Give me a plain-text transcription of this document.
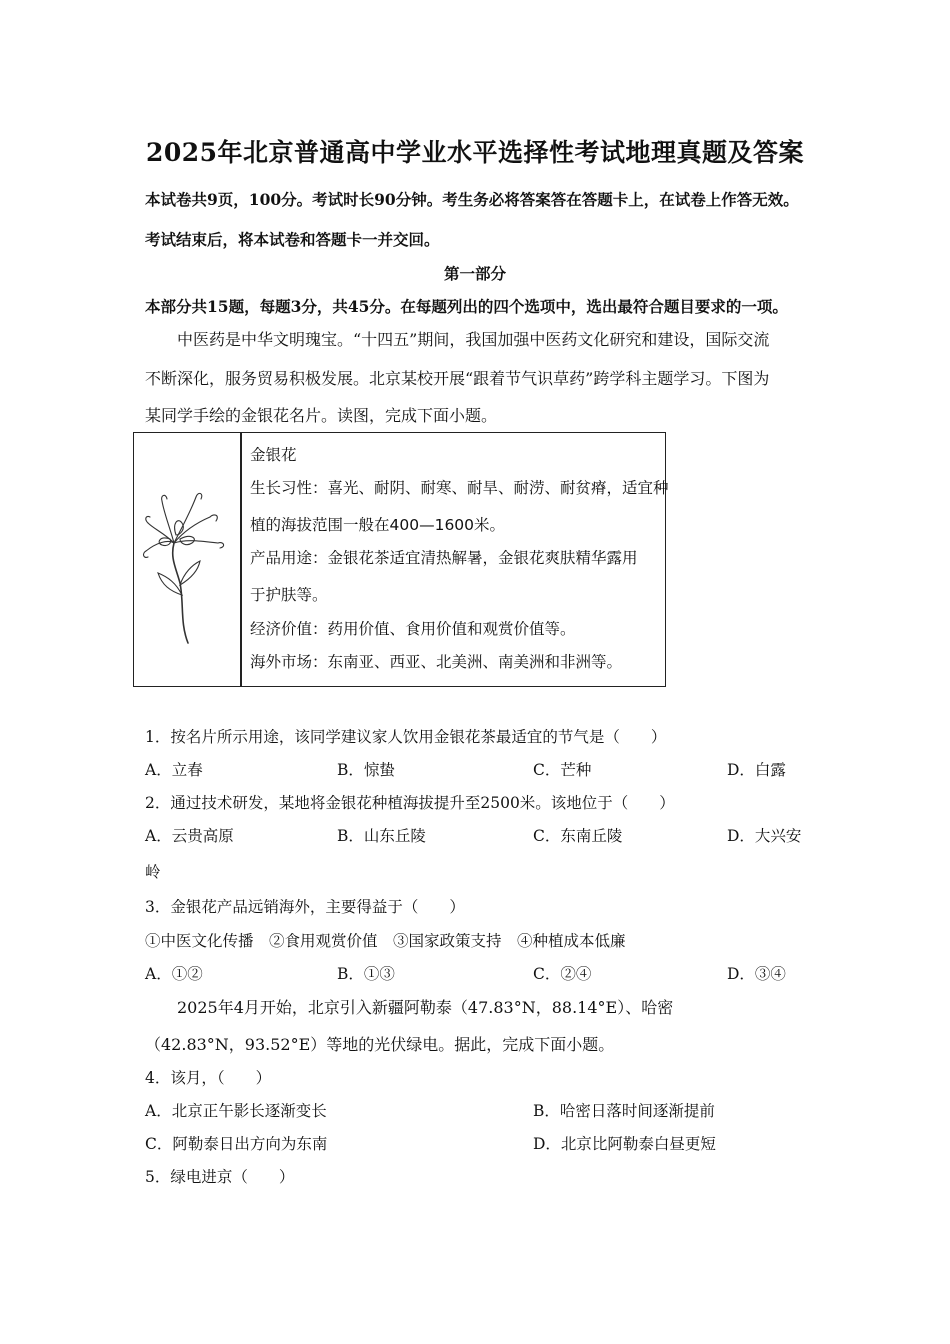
2025年北京普通高中学业水平选择性考试地理真题及答案
本试卷共9页，100分。考试时长90分钟。考生务必将答案答在答题卡上，在试卷上作答无效。
考试结束后，将本试卷和答题卡一并交回。
第一部分
本部分共15题，每题3分，共45分。在每题列出的四个选项中，选出最符合题目要求的一项。
中医药是中华文明瑰宝。“十四五”期间，我国加强中医药文化研究和建设，国际交流
不断深化，服务贸易积极发展。北京某校开展“跟着节气识草药”跨学科主题学习。下图为
某同学手绘的金银花名片。读图，完成下面小题。
金银花
生长习性：喜光、耐阴、耐寒、耐旱、耐涝、耐贫瘠，适宜种
植的海拔范围一般在400—1600米。
产品用途：金银花茶适宜清热解暑，金银花爽肤精华露用
于护肤等。
经济价值：药用价值、食用价值和观赏价值等。
海外市场：东南亚、西亚、北美洲、南美洲和非洲等。
1．按名片所示用途，该同学建议家人饮用金银花茶最适宜的节气是（　　）
A．立春	B．惊蛰	C．芒种	D．白露
2．通过技术研发，某地将金银花种植海拔提升至2500米。该地位于（　　）
A．云贵高原	B．山东丘陵	C．东南丘陵	D．大兴安
岭
3．金银花产品远销海外，主要得益于（　　）
①中医文化传播　②食用观赏价值　③国家政策支持　④种植成本低廉
A．①②	B．①③	C．②④	D．③④
2025年4月开始，北京引入新疆阿勒泰（47.83°N，88.14°E）、哈密
（42.83°N，93.52°E）等地的光伏绿电。据此，完成下面小题。
4．该月，（　　）
A．北京正午影长逐渐变长	B．哈密日落时间逐渐提前
C．阿勒泰日出方向为东南	D．北京比阿勒泰白昼更短
5．绿电进京（　　）
